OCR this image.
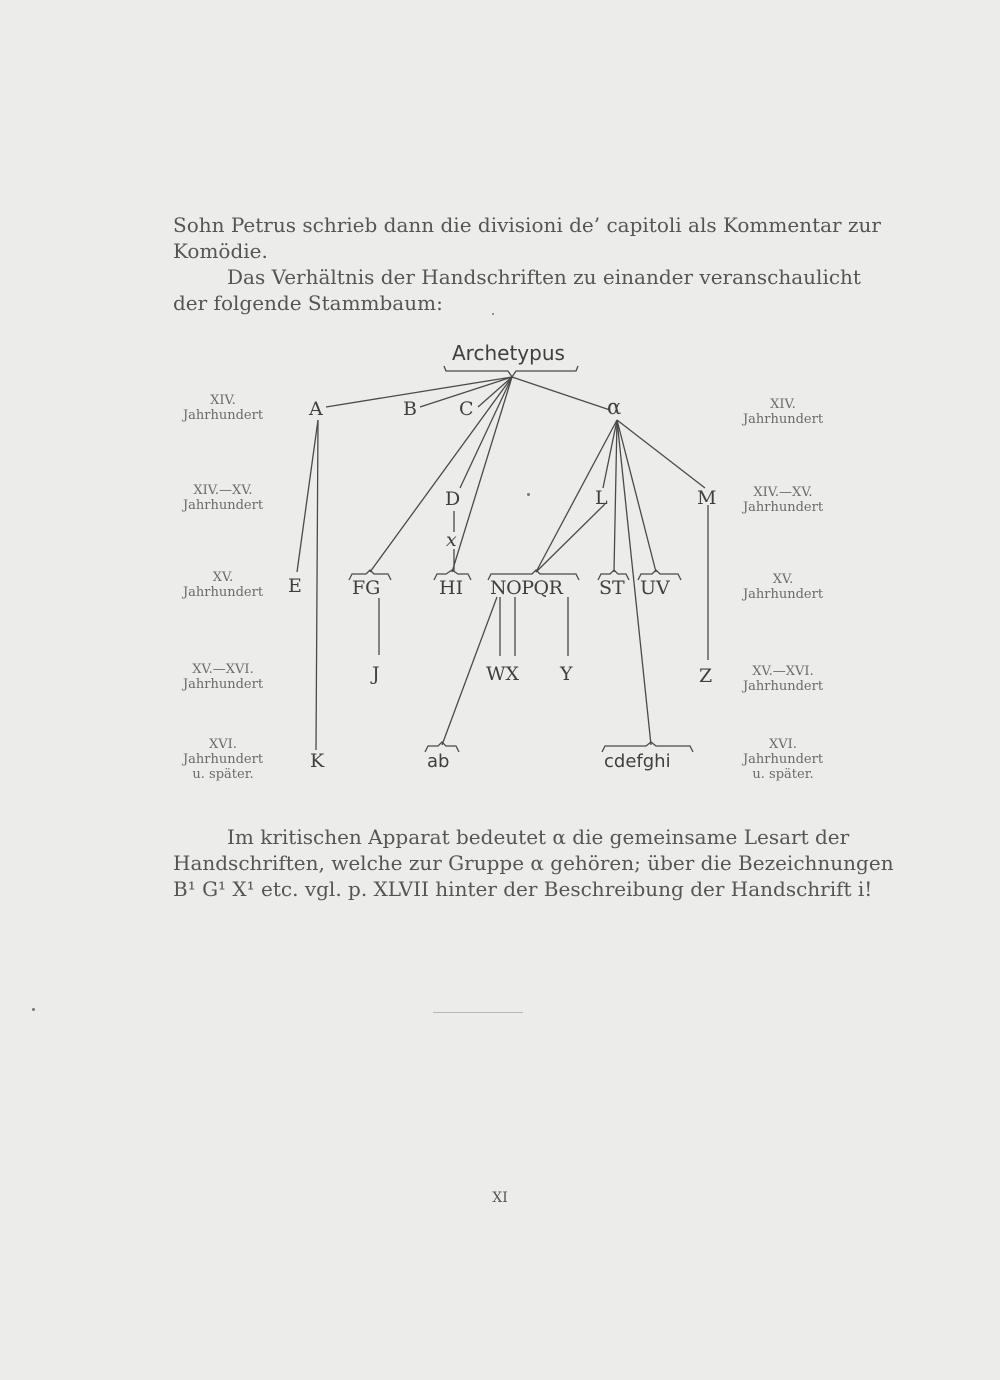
Sohn Petrus schrieb dann die divisioni de’ capitoli als Kommentar zur
Komödie.
Das Verhältnis der Handschriften zu einander veranschaulicht
der folgende Stammbaum:
Archetypus
A	B C	α
D	L	M
x
E	FG	HI NOPQR ST UV
J	WX Y	Z
K	ab	cdefghi
XIV.
Jahrhundert
XIV.—XV.
Jahrhundert
XV.
Jahrhundert
XV.—XVI.
Jahrhundert
XVI.
Jahrhundert
u. später.
XIV.
Jahrhundert
XIV.—XV.
Jahrhundert
XV.
Jahrhundert
XV.—XVI.
Jahrhundert
XVI.
Jahrhundert
u. später.
Im kritischen Apparat bedeutet α die gemeinsame Lesart der
Handschriften, welche zur Gruppe α gehören; über die Bezeichnungen
B¹ G¹ X¹ etc. vgl. p. XLVII hinter der Beschreibung der Handschrift i!
XI
